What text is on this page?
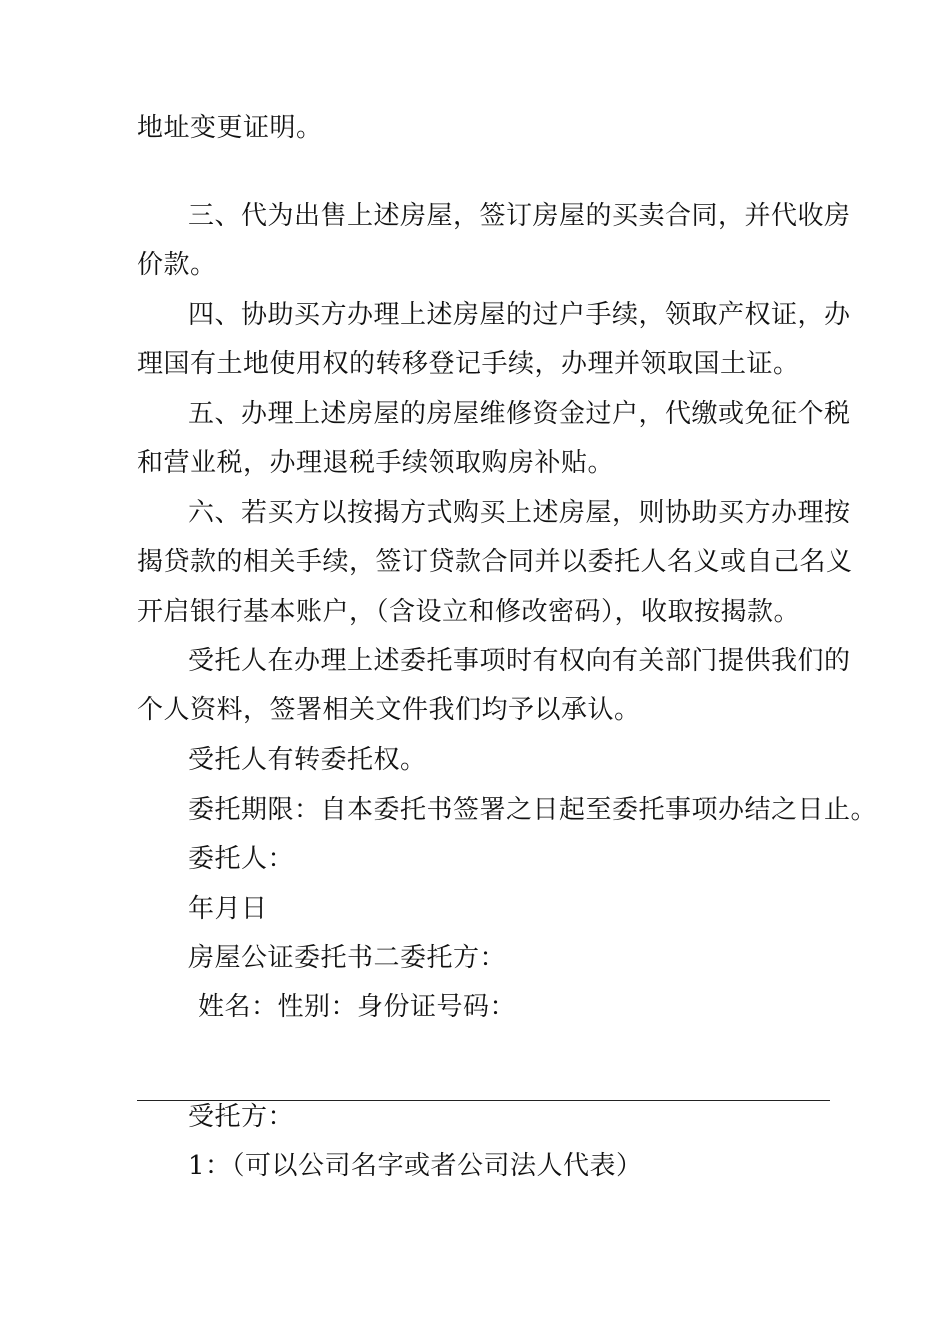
地址变更证明。
三、代为出售上述房屋，签订房屋的买卖合同，并代收房
价款。
四、协助买方办理上述房屋的过户手续，领取产权证，办
理国有土地使用权的转移登记手续，办理并领取国土证。
五、办理上述房屋的房屋维修资金过户，代缴或免征个税
和营业税，办理退税手续领取购房补贴。
六、若买方以按揭方式购买上述房屋，则协助买方办理按
揭贷款的相关手续，签订贷款合同并以委托人名义或自己名义
开启银行基本账户，（含设立和修改密码），收取按揭款。
受托人在办理上述委托事项时有权向有关部门提供我们的
个人资料，签署相关文件我们均予以承认。
受托人有转委托权。
委托期限：自本委托书签署之日起至委托事项办结之日止。
委托人：
年月日
房屋公证委托书二委托方：
姓名：性别：身份证号码：
受托方：
1：（可以公司名字或者公司法人代表）
